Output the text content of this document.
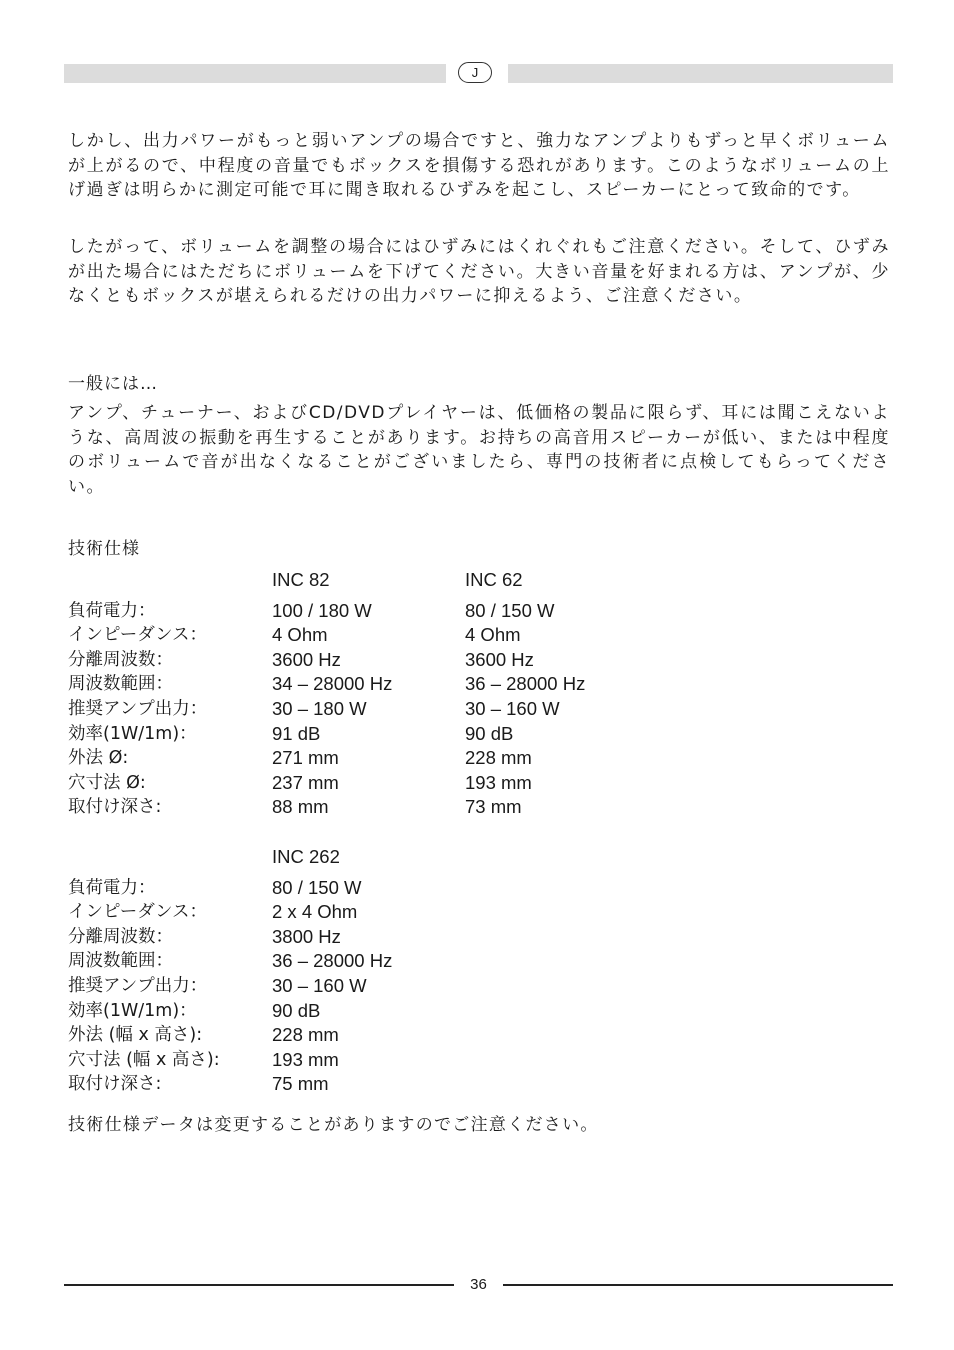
J

しかし、出力パワーがもっと弱いアンプの場合ですと、強力なアンプよりもずっと早くボリュームが上がるので、中程度の音量でもボックスを損傷する恐れがあります。このようなボリュームの上げ過ぎは明らかに測定可能で耳に聞き取れるひずみを起こし、スピーカーにとって致命的です。

したがって、ボリュームを調整の場合にはひずみにはくれぐれもご注意ください。そして、ひずみが出た場合にはただちにボリュームを下げてください。大きい音量を好まれる方は、アンプが、少なくともボックスが堪えられるだけの出力パワーに抑えるよう、ご注意ください。

一般には…

アンプ、チューナー、およびCD/DVDプレイヤーは、低価格の製品に限らず、耳には聞こえないような、高周波の振動を再生することがあります。お持ちの高音用スピーカーが低い、または中程度のボリュームで音が出なくなることがございましたら、専門の技術者に点検してもらってください。

技術仕様

	INC 82	INC 62

負荷電力：	100 / 180 W	80 / 150 W
インピーダンス：	4 Ohm	4 Ohm
分離周波数：	3600 Hz	3600 Hz
周波数範囲：	34 – 28000 Hz	36 – 28000 Hz
推奨アンプ出力：	30 – 180 W	30 – 160 W
効率(1W/1m)：	91 dB	90 dB
外法 Ø:	271 mm	228 mm
穴寸法 Ø:	237 mm	193 mm
取付け深さ:	88 mm	73 mm
	INC 262

負荷電力：	80 / 150 W
インピーダンス：	2 x 4 Ohm
分離周波数：	3800 Hz
周波数範囲：	36 – 28000 Hz
推奨アンプ出力：	30 – 160 W
効率(1W/1m)：	90 dB
外法 (幅 x 高さ):	228 mm
穴寸法 (幅 x 高さ):	193 mm
取付け深さ:	75 mm

技術仕様データは変更することがありますのでご注意ください。

36
